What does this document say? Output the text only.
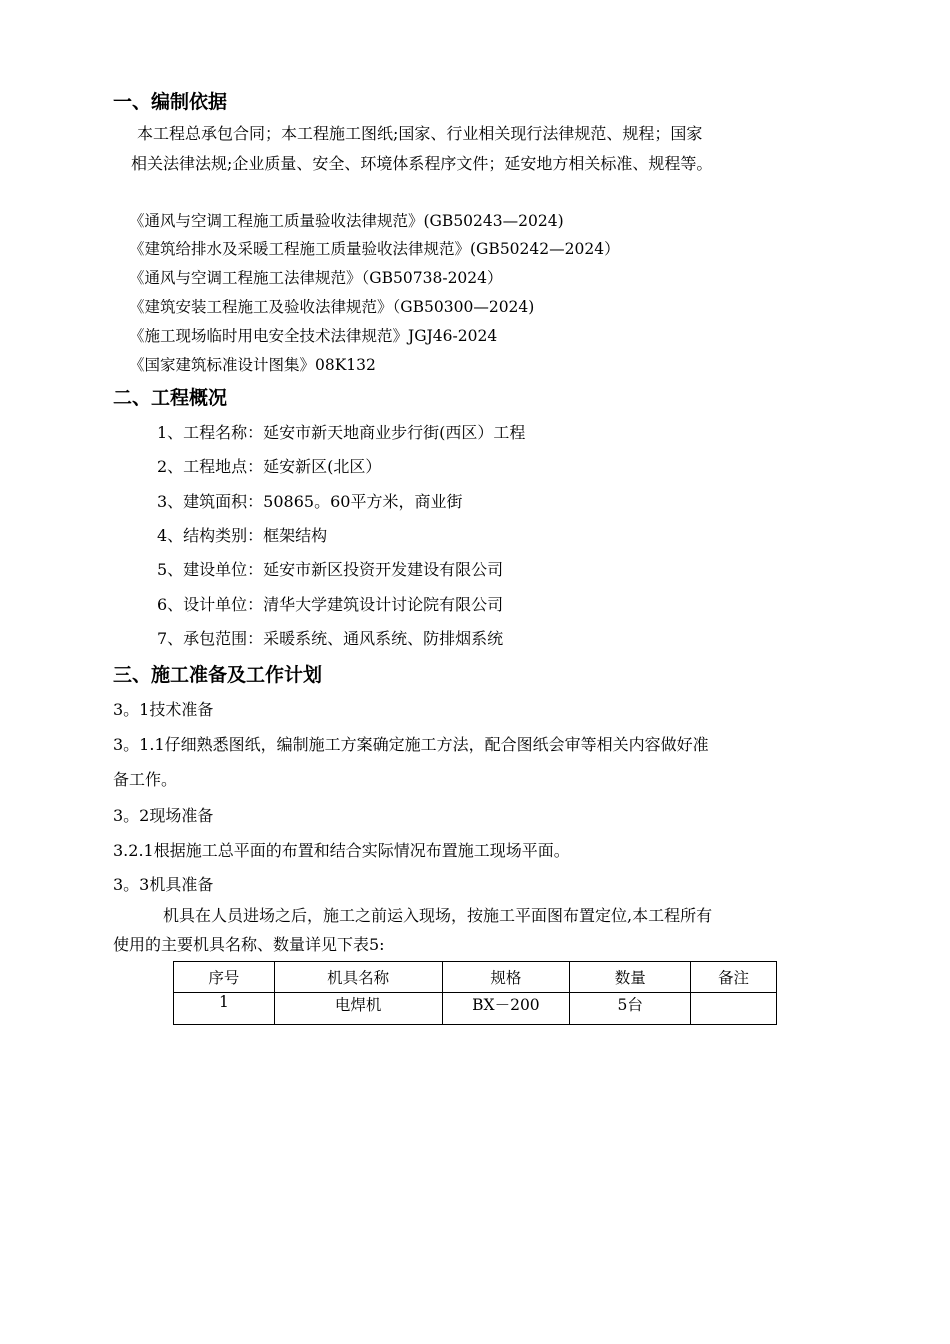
一、编制依据
本工程总承包合同；本工程施工图纸;国家、行业相关现行法律规范、规程；国家
相关法律法规;企业质量、安全、环境体系程序文件；延安地方相关标准、规程等。
《通风与空调工程施工质量验收法律规范》(GB50243—2024)
《建筑给排水及采暖工程施工质量验收法律规范》(GB50242—2024）
《通风与空调工程施工法律规范》（GB50738-2024）
《建筑安装工程施工及验收法律规范》（GB50300—2024)
《施工现场临时用电安全技术法律规范》JGJ46-2024
《国家建筑标准设计图集》08K132
二、工程概况
1、工程名称：延安市新天地商业步行街(西区）工程
2、工程地点：延安新区(北区）
3、建筑面积：50865。60平方米，商业街
4、结构类别：框架结构
5、建设单位：延安市新区投资开发建设有限公司
6、设计单位：清华大学建筑设计讨论院有限公司
7、承包范围：采暖系统、通风系统、防排烟系统
三、施工准备及工作计划
3。1技术准备
3。1.1仔细熟悉图纸，编制施工方案确定施工方法，配合图纸会审等相关内容做好准
备工作。
3。2现场准备
3.2.1根据施工总平面的布置和结合实际情况布置施工现场平面。
3。3机具准备
机具在人员进场之后，施工之前运入现场，按施工平面图布置定位,本工程所有
使用的主要机具名称、数量详见下表5:
序号	机具名称	规格	数量	备注
1	电焊机	BX－200	5台	
